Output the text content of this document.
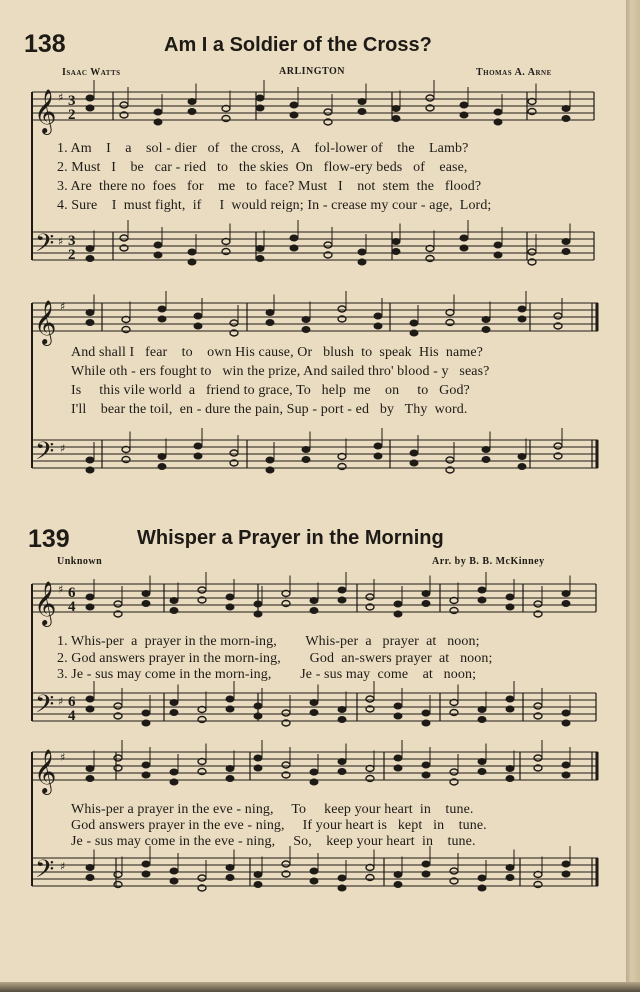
138	Am I a Soldier of the Cross?
Isaac Watts	ARLINGTON	Thomas A. Arne
𝄞
𝄢
𝄞
𝄢
𝄞
𝄢
𝄞
𝄢
♯
♯
♯
♯
♯
♯
♯
♯
3
2
3
2
6
4
6
4
1. Am    I    a    sol - dier   of   the cross,  A    fol-lower of    the    Lamb?
2. Must   I    be   car - ried   to   the skies  On   flow-ery beds   of    ease,
3. Are  there no  foes   for    me   to  face? Must   I    not  stem  the   flood?
4. Sure    I  must fight,  if     I  would reign; In - crease my cour - age,  Lord;
And shall I   fear    to    own His cause, Or   blush  to  speak  His  name?
While oth - ers fought to   win the prize, And sailed thro' blood - y   seas?
Is     this vile world  a   friend to grace, To   help  me    on     to   God?
I'll    bear the toil,  en - dure the pain, Sup - port - ed   by   Thy  word.
139	Whisper a Prayer in the Morning
Unknown	Arr. by B. B. McKinney
1. Whis-per  a  prayer in the morn-ing,        Whis-per  a   prayer  at   noon;
2. God answers prayer in the morn-ing,        God  an-swers prayer  at   noon;
3. Je - sus may come in the morn-ing,        Je - sus may  come    at   noon;
Whis-per a prayer in the eve - ning,     To     keep your heart  in    tune.
God answers prayer in the eve - ning,     If your heart is   kept   in    tune.
Je - sus may come in the eve - ning,     So,    keep your heart  in    tune.
